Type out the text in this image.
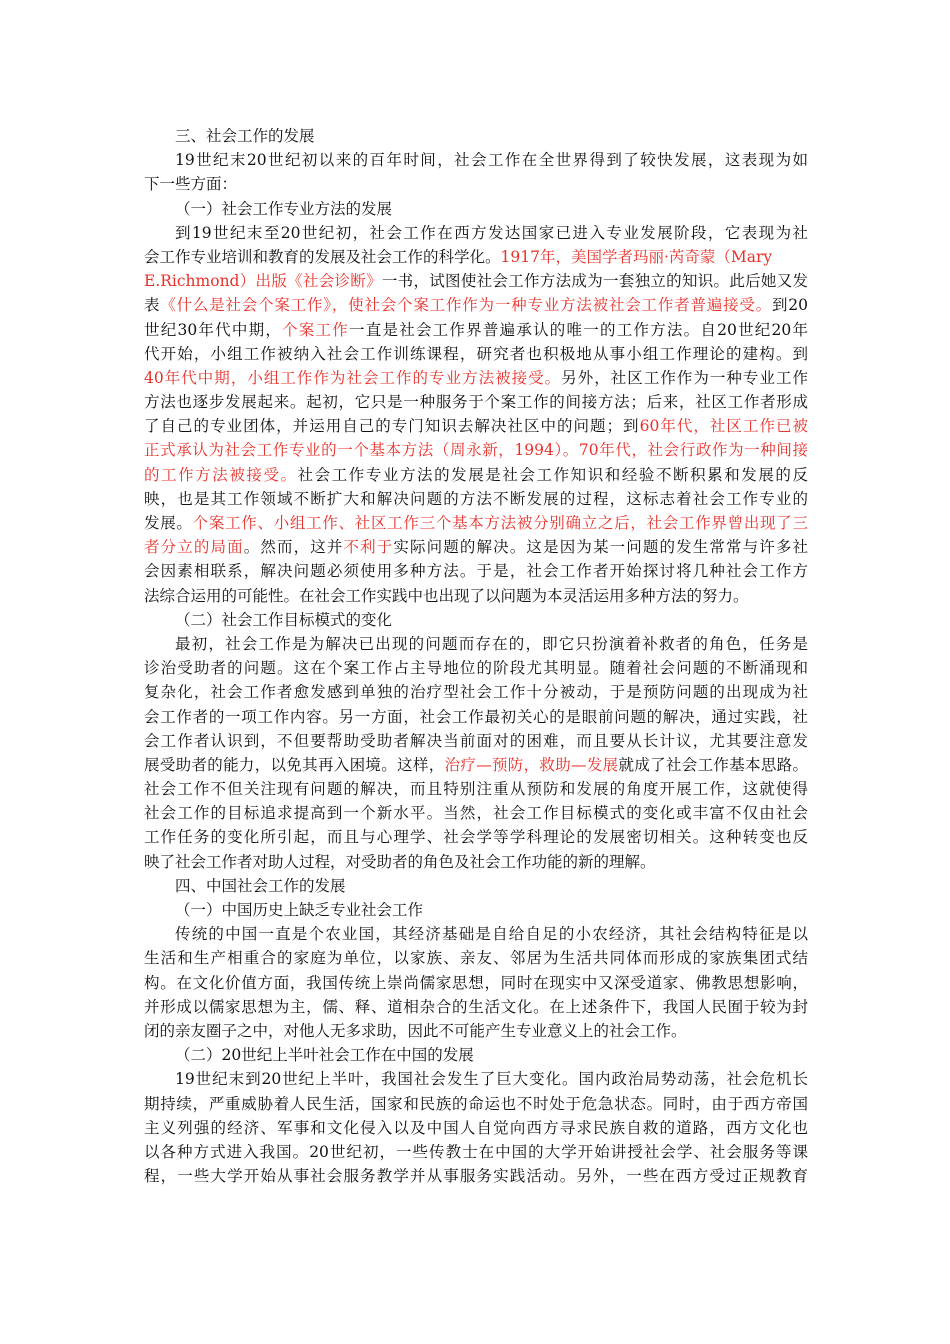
三、社会工作的发展
19世纪末20世纪初以来的百年时间，社会工作在全世界得到了较快发展，这表现为如
下一些方面：
（一）社会工作专业方法的发展
到19世纪末至20世纪初，社会工作在西方发达国家已进入专业发展阶段，它表现为社
会工作专业培训和教育的发展及社会工作的科学化。1917年，美国学者玛丽·芮奇蒙（Mary
E.Richmond）出版《社会诊断》一书，试图使社会工作方法成为一套独立的知识。此后她又发
表《什么是社会个案工作》，使社会个案工作作为一种专业方法被社会工作者普遍接受。到20
世纪30年代中期，个案工作一直是社会工作界普遍承认的唯一的工作方法。自20世纪20年
代开始，小组工作被纳入社会工作训练课程，研究者也积极地从事小组工作理论的建构。到
40年代中期，小组工作作为社会工作的专业方法被接受。另外，社区工作作为一种专业工作
方法也逐步发展起来。起初，它只是一种服务于个案工作的间接方法；后来，社区工作者形成
了自己的专业团体，并运用自己的专门知识去解决社区中的问题；到60年代，社区工作已被
正式承认为社会工作专业的一个基本方法（周永新，1994）。70年代，社会行政作为一种间接
的工作方法被接受。社会工作专业方法的发展是社会工作知识和经验不断积累和发展的反
映，也是其工作领域不断扩大和解决问题的方法不断发展的过程，这标志着社会工作专业的
发展。个案工作、小组工作、社区工作三个基本方法被分别确立之后，社会工作界曾出现了三
者分立的局面。然而，这并不利于实际问题的解决。这是因为某一问题的发生常常与许多社
会因素相联系，解决问题必须使用多种方法。于是，社会工作者开始探讨将几种社会工作方
法综合运用的可能性。在社会工作实践中也出现了以问题为本灵活运用多种方法的努力。
（二）社会工作目标模式的变化
最初，社会工作是为解决已出现的问题而存在的，即它只扮演着补救者的角色，任务是
诊治受助者的问题。这在个案工作占主导地位的阶段尤其明显。随着社会问题的不断涌现和
复杂化，社会工作者愈发感到单独的治疗型社会工作十分被动，于是预防问题的出现成为社
会工作者的一项工作内容。另一方面，社会工作最初关心的是眼前问题的解决，通过实践，社
会工作者认识到，不但要帮助受助者解决当前面对的困难，而且要从长计议，尤其要注意发
展受助者的能力，以免其再入困境。这样，治疗—预防，救助—发展就成了社会工作基本思路。
社会工作不但关注现有问题的解决，而且特别注重从预防和发展的角度开展工作，这就使得
社会工作的目标追求提高到一个新水平。当然，社会工作目标模式的变化或丰富不仅由社会
工作任务的变化所引起，而且与心理学、社会学等学科理论的发展密切相关。这种转变也反
映了社会工作者对助人过程，对受助者的角色及社会工作功能的新的理解。
四、中国社会工作的发展
（一）中国历史上缺乏专业社会工作
传统的中国一直是个农业国，其经济基础是自给自足的小农经济，其社会结构特征是以
生活和生产相重合的家庭为单位，以家族、亲友、邻居为生活共同体而形成的家族集团式结
构。在文化价值方面，我国传统上崇尚儒家思想，同时在现实中又深受道家、佛教思想影响，
并形成以儒家思想为主，儒、释、道相杂合的生活文化。在上述条件下，我国人民囿于较为封
闭的亲友圈子之中，对他人无多求助，因此不可能产生专业意义上的社会工作。
（二）20世纪上半叶社会工作在中国的发展
19世纪末到20世纪上半叶，我国社会发生了巨大变化。国内政治局势动荡，社会危机长
期持续，严重威胁着人民生活，国家和民族的命运也不时处于危急状态。同时，由于西方帝国
主义列强的经济、军事和文化侵入以及中国人自觉向西方寻求民族自救的道路，西方文化也
以各种方式进入我国。20世纪初，一些传教士在中国的大学开始讲授社会学、社会服务等课
程，一些大学开始从事社会服务教学并从事服务实践活动。另外，一些在西方受过正规教育
